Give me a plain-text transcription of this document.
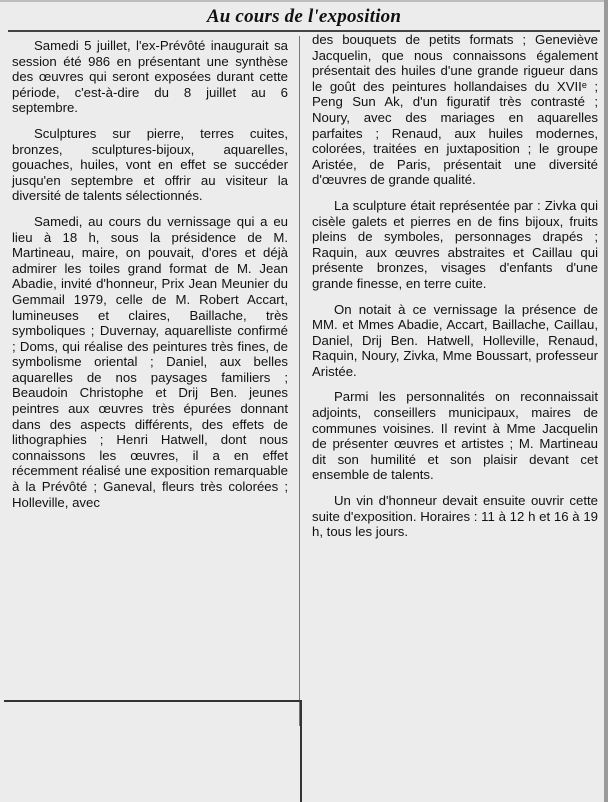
Au cours de l'exposition

Samedi 5 juillet, l'ex-Prévôté inaugurait sa session été 986 en présentant une synthèse des œuvres qui seront exposées durant cette période, c'est-à-dire du 8 juillet au 6 septembre.

Sculptures sur pierre, terres cuites, bronzes, sculptures-bijoux, aquarelles, gouaches, huiles, vont en effet se succéder jusqu'en septembre et offrir au visiteur la diversité de talents sélectionnés.

Samedi, au cours du vernissage qui a eu lieu à 18 h, sous la présidence de M. Martineau, maire, on pouvait, d'ores et déjà admirer les toiles grand format de M. Jean Abadie, invité d'honneur, Prix Jean Meunier du Gemmail 1979, celle de M. Robert Accart, lumineuses et claires, Baillache, très symboliques ; Duvernay, aquarelliste confirmé ; Doms, qui réalise des peintures très fines, de symbolisme oriental ; Daniel, aux belles aquarelles de nos paysages familiers ; Beaudoin Christophe et Drij Ben. jeunes peintres aux œuvres très épurées donnant dans des aspects différents, des effets de lithographies ; Henri Hatwell, dont nous connaissons les œuvres, il a en effet récemment réalisé une exposition remarquable à la Prévôté ; Ganeval, fleurs très colorées ; Holleville, avec

des bouquets de petits formats ; Geneviève Jacquelin, que nous connaissons également présentait des huiles d'une grande rigueur dans le goût des peintures hollandaises du XVIIᵉ ; Peng Sun Ak, d'un figuratif très contrasté ; Noury, avec des mariages en aquarelles parfaites ; Renaud, aux huiles modernes, colorées, traitées en juxtaposition ; le groupe Aristée, de Paris, présentait une diversité d'œuvres de grande qualité.

La sculpture était représentée par : Zivka qui cisèle galets et pierres en de fins bijoux, fruits pleins de symboles, personnages drapés ; Raquin, aux œuvres abstraites et Caillau qui présente bronzes, visages d'enfants d'une grande finesse, en terre cuite.

On notait à ce vernissage la présence de MM. et Mmes Abadie, Accart, Baillache, Caillau, Daniel, Drij Ben. Hatwell, Holleville, Renaud, Raquin, Noury, Zivka, Mme Boussart, professeur Aristée.

Parmi les personnalités on reconnaissait adjoints, conseillers municipaux, maires de communes voisines. Il revint à Mme Jacquelin de présenter œuvres et artistes ; M. Martineau dit son humilité et son plaisir devant cet ensemble de talents.

Un vin d'honneur devait ensuite ouvrir cette suite d'exposition. Horaires : 11 à 12 h et 16 à 19 h, tous les jours.
